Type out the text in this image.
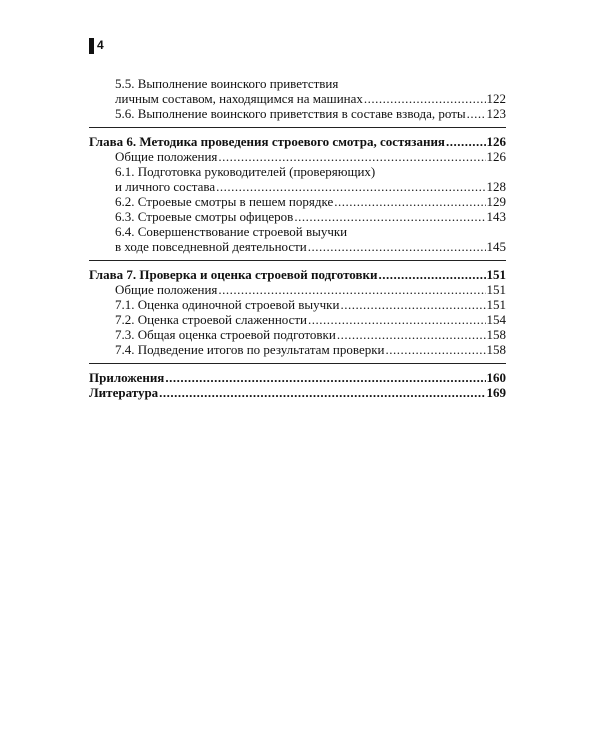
4
5.5. Выполнение воинского приветствия
личным составом, находящимся на машинах .....	122
5.6. Выполнение воинского приветствия в составе взвода, роты ..... 123
Глава 6. Методика проведения строевого смотра, состязания .....	126
Общие положения .....	126
6.1. Подготовка руководителей (проверяющих)
и личного состава .....	128
6.2. Строевые смотры в пешем порядке .....	129
6.3. Строевые смотры офицеров .....	143
6.4. Совершенствование строевой выучки
в ходе повседневной деятельности .....	145
Глава 7. Проверка и оценка строевой подготовки .....	151
Общие положения .....	151
7.1. Оценка одиночной строевой выучки .....	151
7.2. Оценка строевой слаженности .....	154
7.3. Общая оценка строевой подготовки .....	158
7.4. Подведение итогов по результатам проверки .....	158
Приложения .....	160
Литература .....	169
